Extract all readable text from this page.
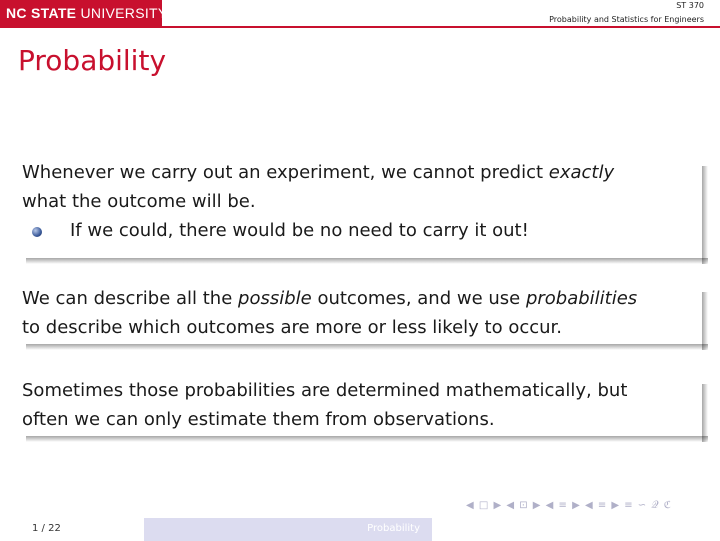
NC STATE UNIVERSITY	ST 370
Probability and Statistics for Engineers
Probability
Whenever we carry out an experiment, we cannot predict exactly
what the outcome will be.
If we could, there would be no need to carry it out!
We can describe all the possible outcomes, and we use probabilities
to describe which outcomes are more or less likely to occur.
Sometimes those probabilities are determined mathematically, but
often we can only estimate them from observations.
◀ □ ▶ ◀ ⊡ ▶ ◀ ≡ ▶ ◀ ≡ ▶ ≡ ∽ 𝒬 ℭ
1 / 22	Probability
